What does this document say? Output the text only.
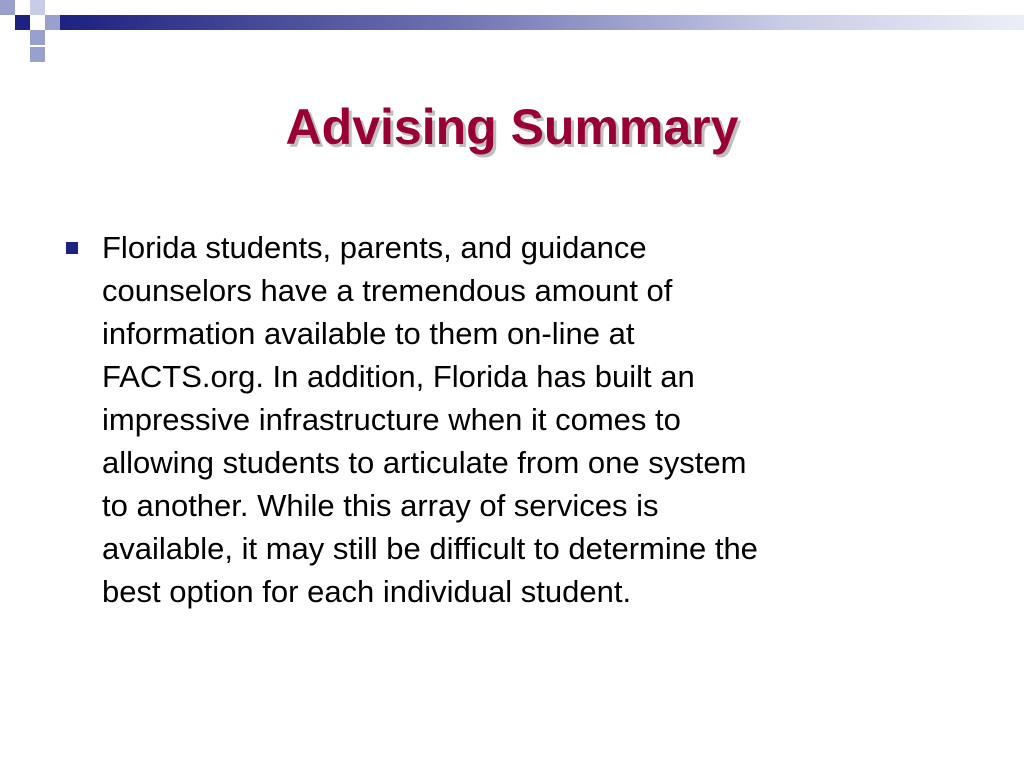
Advising Summary
Florida students, parents, and guidance
counselors have a tremendous amount of
information available to them on-line at
FACTS.org. In addition, Florida has built an
impressive infrastructure when it comes to
allowing students to articulate from one system
to another. While this array of services is
available, it may still be difficult to determine the
best option for each individual student.
